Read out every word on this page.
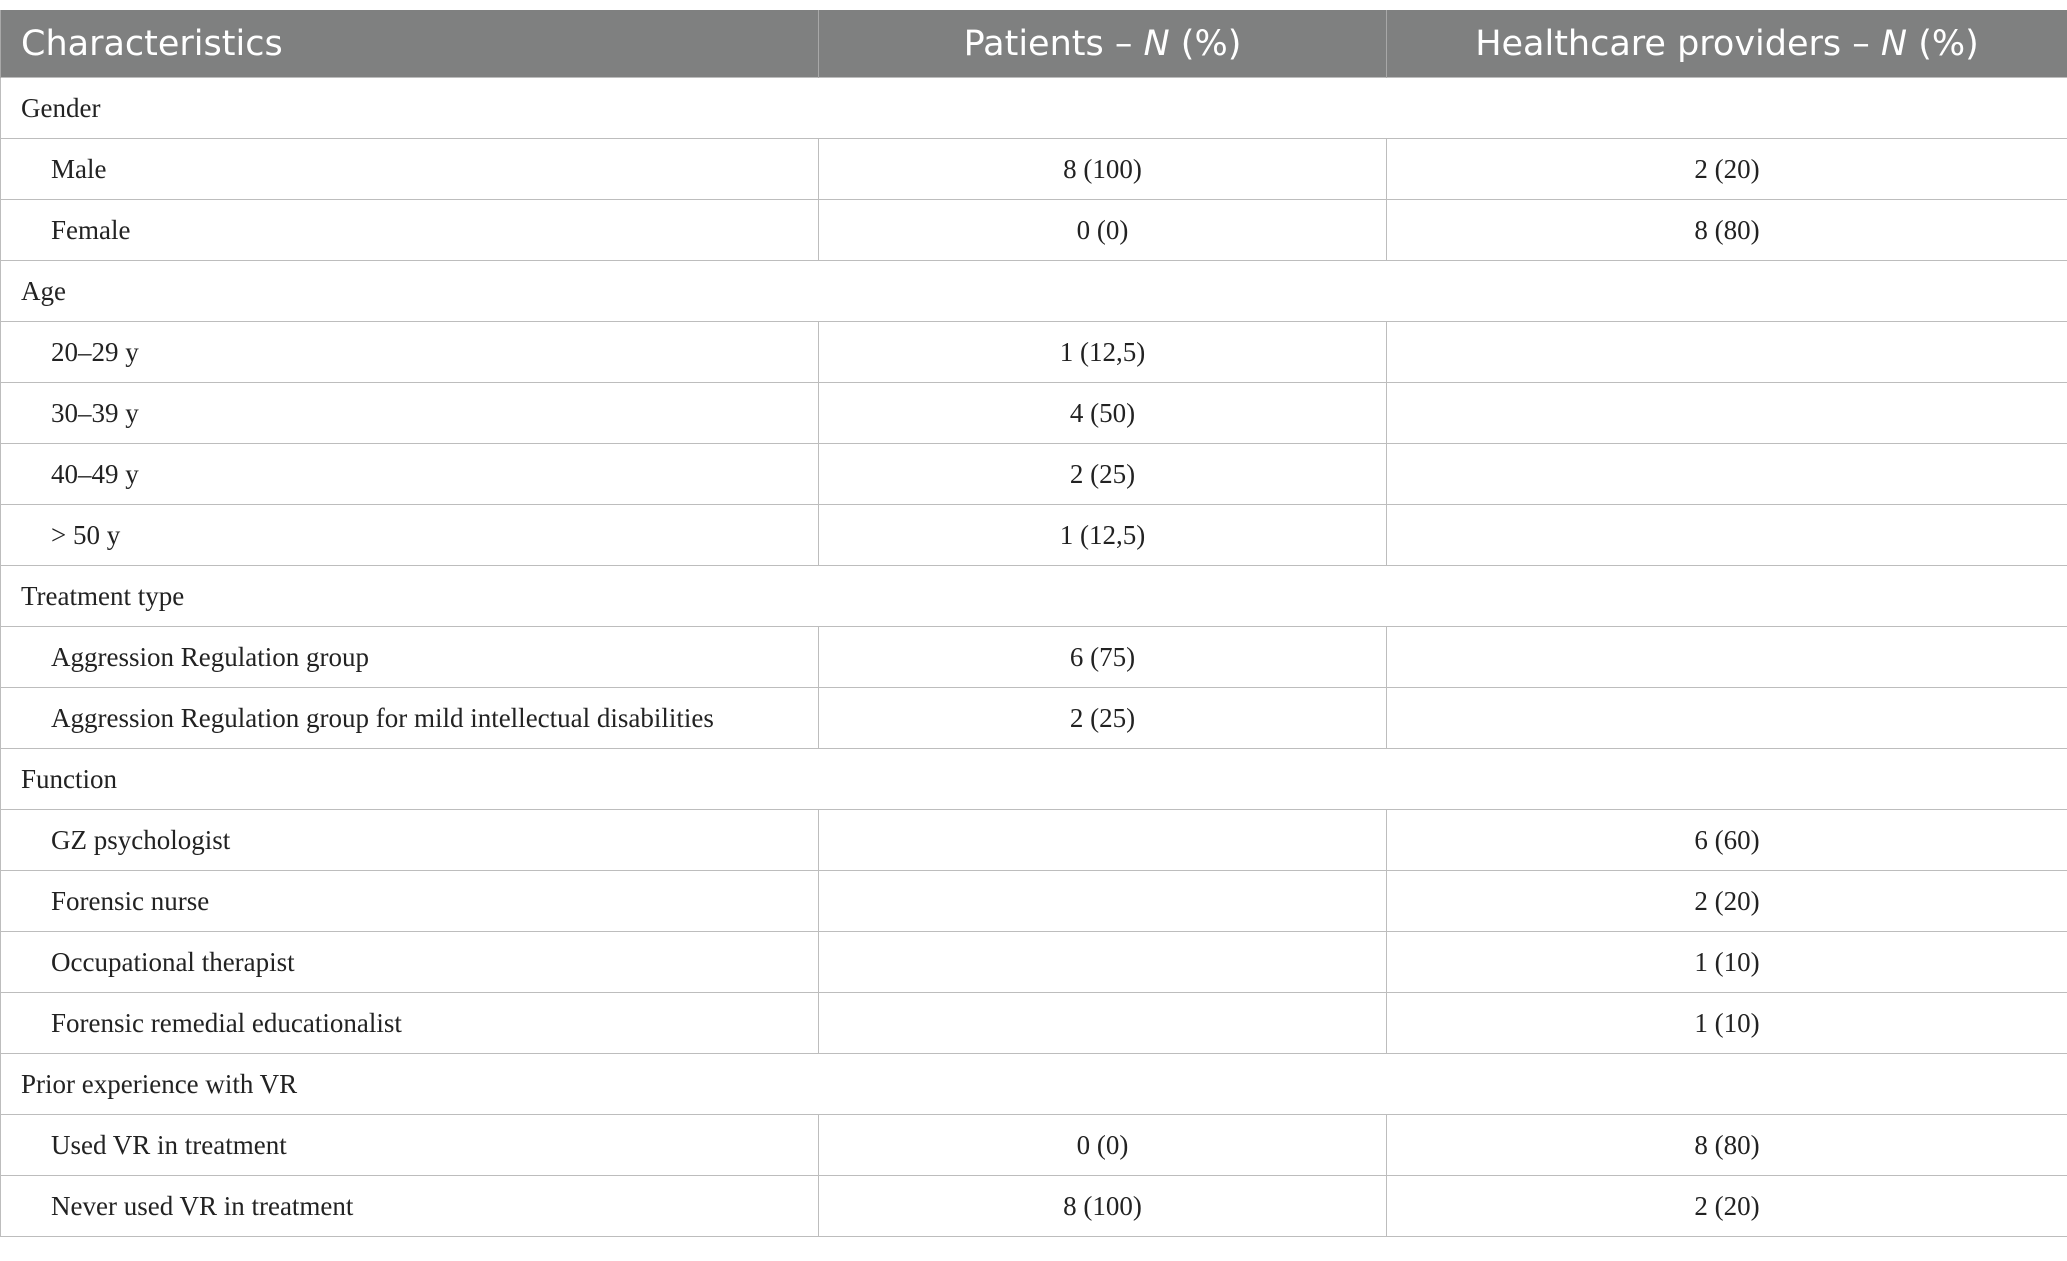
Characteristics	Patients – N (%)	Healthcare providers – N (%)
Gender		
Male	8 (100)	2 (20)
Female	0 (0)	8 (80)
Age		
20–29 y	1 (12,5)	
30–39 y	4 (50)	
40–49 y	2 (25)	
> 50 y	1 (12,5)	
Treatment type		
Aggression Regulation group	6 (75)	
Aggression Regulation group for mild intellectual disabilities	2 (25)	
Function		
GZ psychologist		6 (60)
Forensic nurse		2 (20)
Occupational therapist		1 (10)
Forensic remedial educationalist		1 (10)
Prior experience with VR		
Used VR in treatment	0 (0)	8 (80)
Never used VR in treatment	8 (100)	2 (20)
